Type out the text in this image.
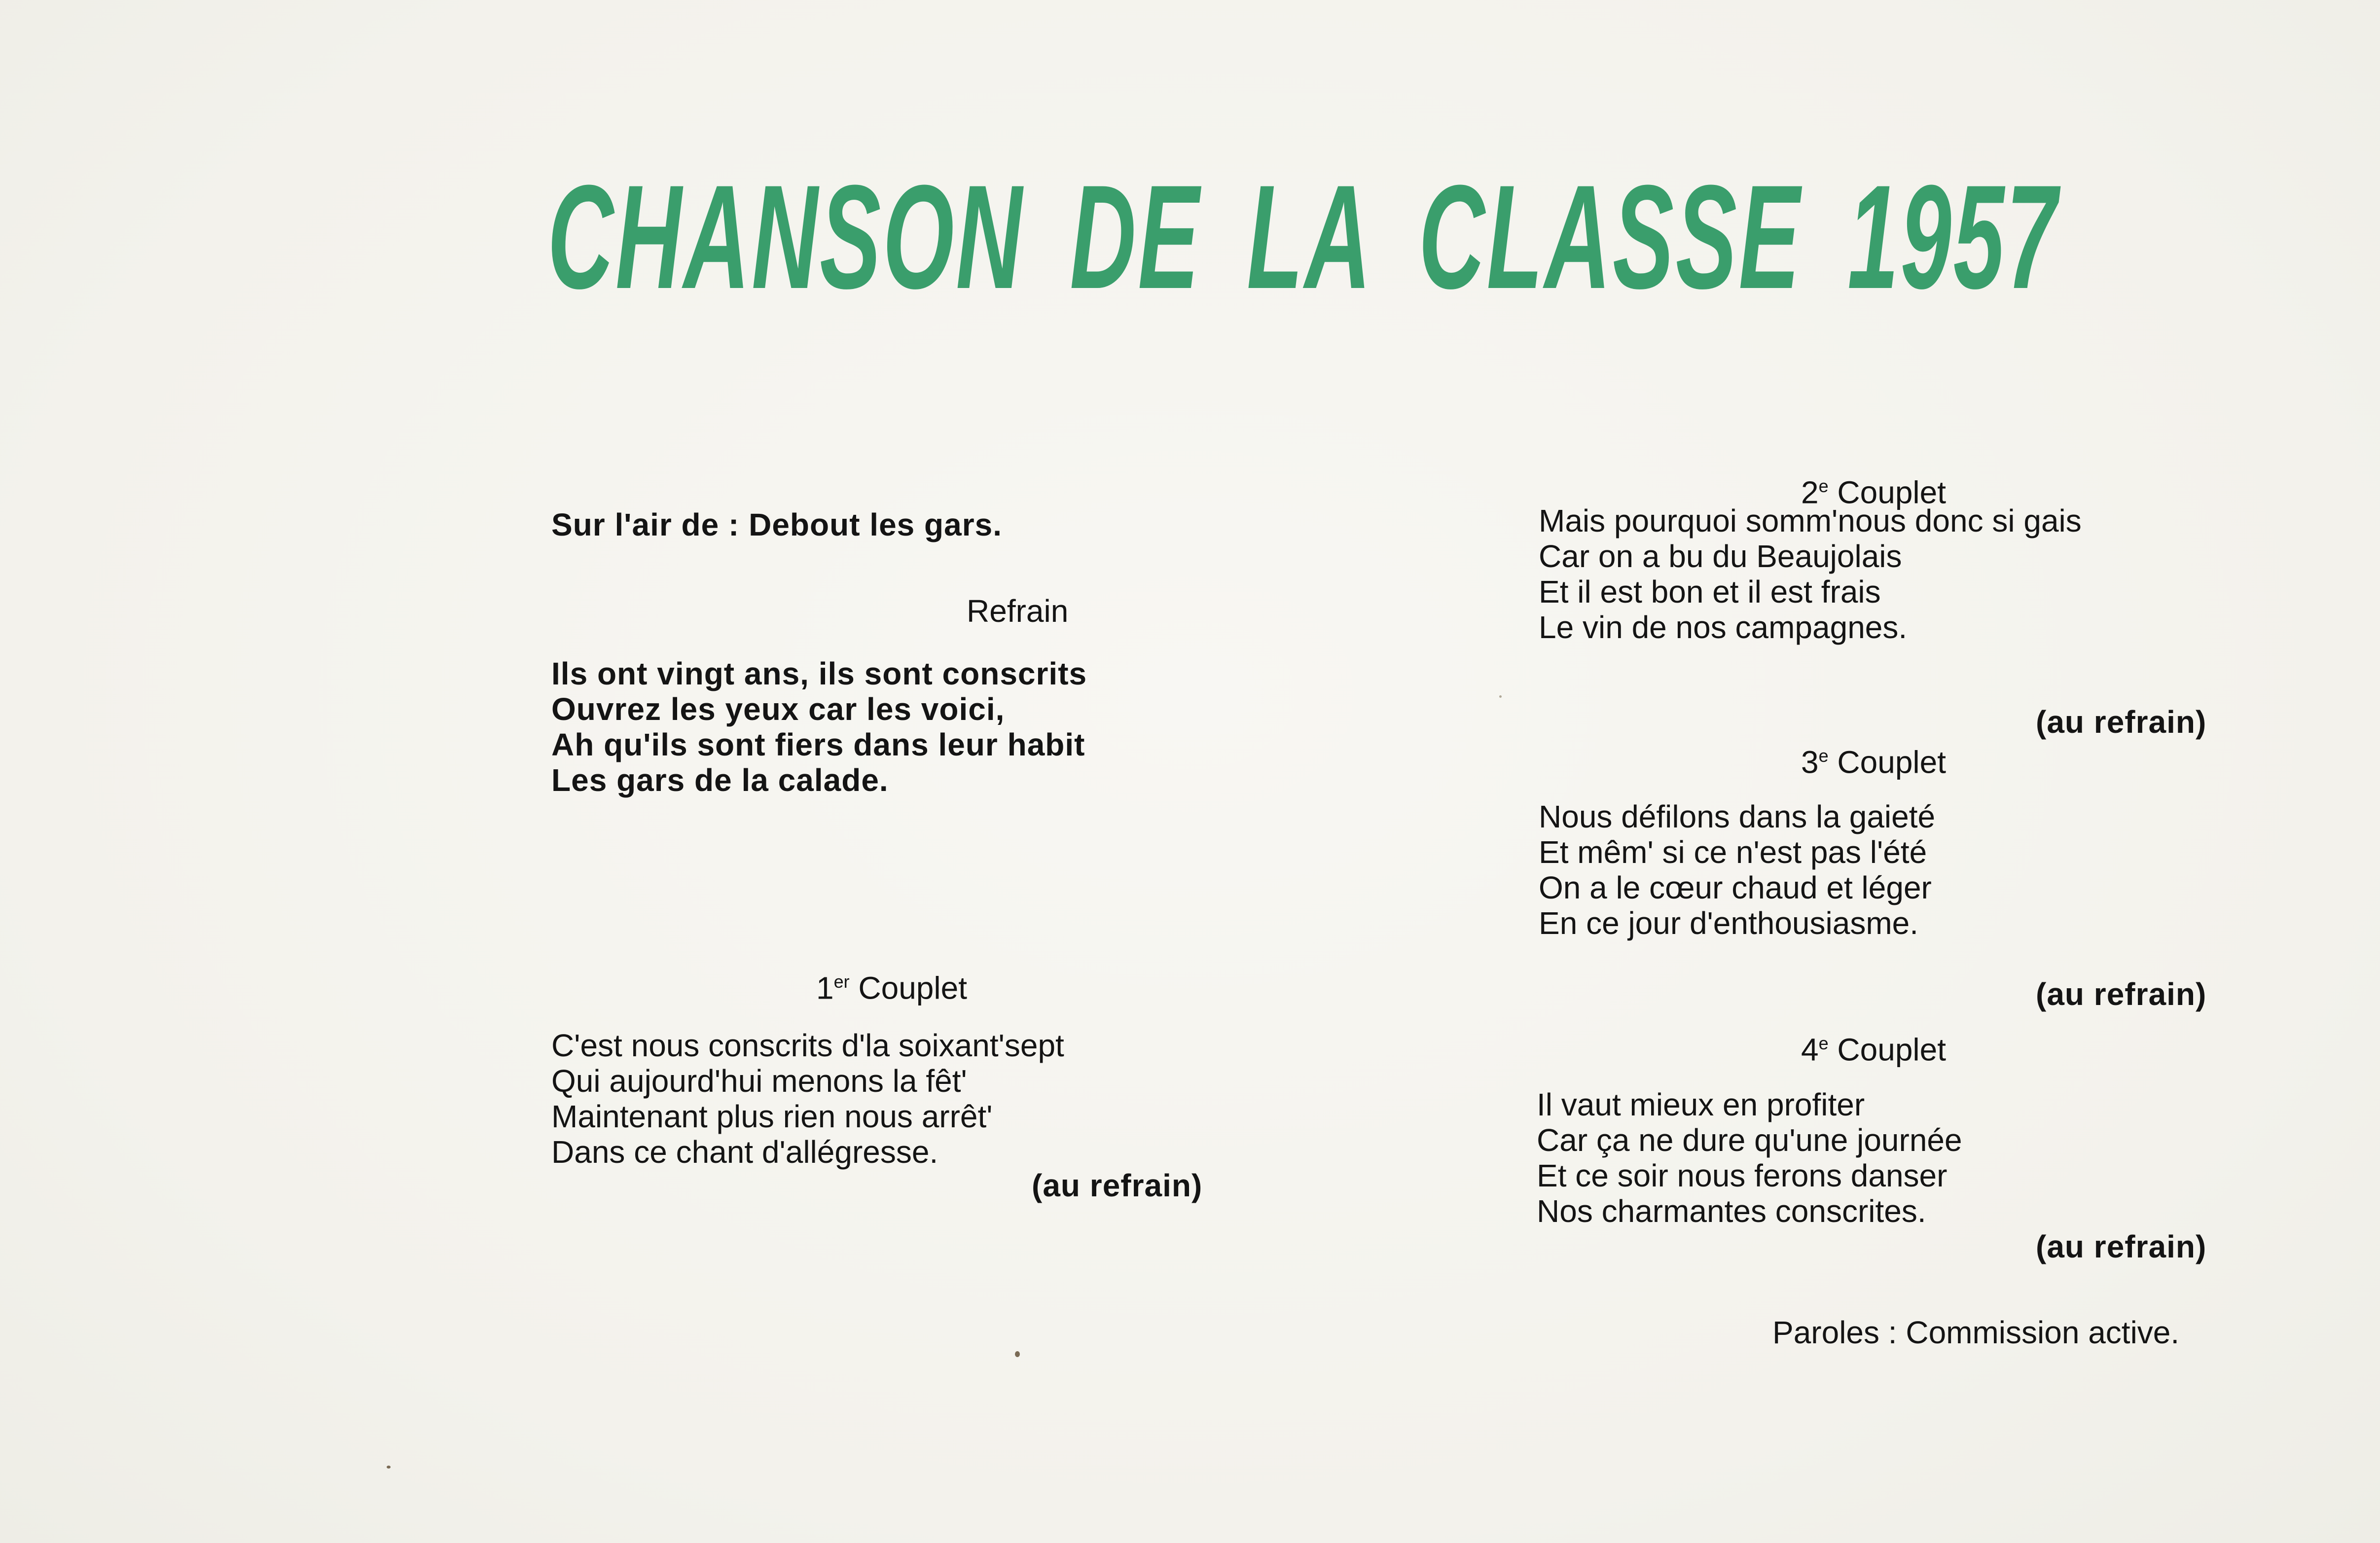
CHANSON DE LA CLASSE 1957
Sur l'air de : Debout les gars.
Refrain
Ils ont vingt ans, ils sont conscrits
Ouvrez les yeux car les voici,
Ah qu'ils sont fiers dans leur habit
Les gars de la calade.
1er Couplet
C'est nous conscrits d'la soixant'sept
Qui aujourd'hui menons la fêt'
Maintenant plus rien nous arrêt'
Dans ce chant d'allégresse.
(au refrain)
2e Couplet
Mais pourquoi somm'nous donc si gais
Car on a bu du Beaujolais
Et il est bon et il est frais
Le vin de nos campagnes.
(au refrain)
3e Couplet
Nous défilons dans la gaieté
Et mêm' si ce n'est pas l'été
On a le cœur chaud et léger
En ce jour d'enthousiasme.
(au refrain)
4e Couplet
Il vaut mieux en profiter
Car ça ne dure qu'une journée
Et ce soir nous ferons danser
Nos charmantes conscrites.
(au refrain)
Paroles : Commission active.
